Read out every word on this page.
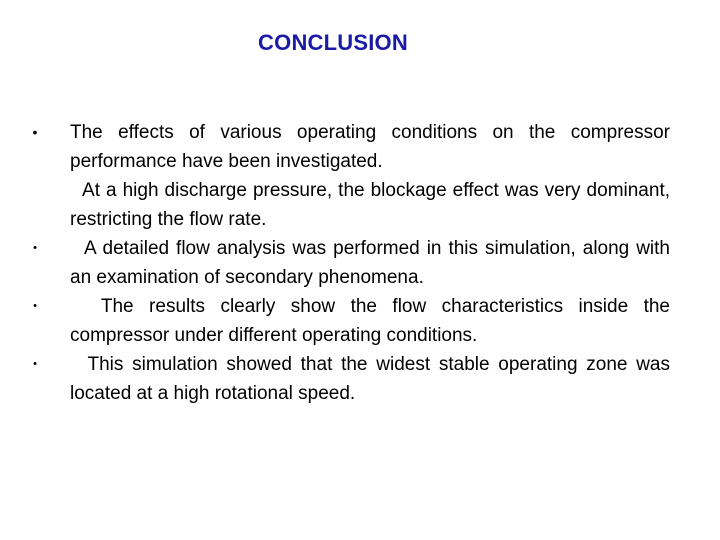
CONCLUSION
• The effects of various operating conditions on the compressor performance have been investigated.
At a high discharge pressure, the blockage effect was very dominant, restricting the flow rate.
• A detailed flow analysis was performed in this simulation, along with an examination of secondary phenomena.
• The results clearly show the flow characteristics inside the compressor under different operating conditions.
• This simulation showed that the widest stable operating zone was located at a high rotational speed.
